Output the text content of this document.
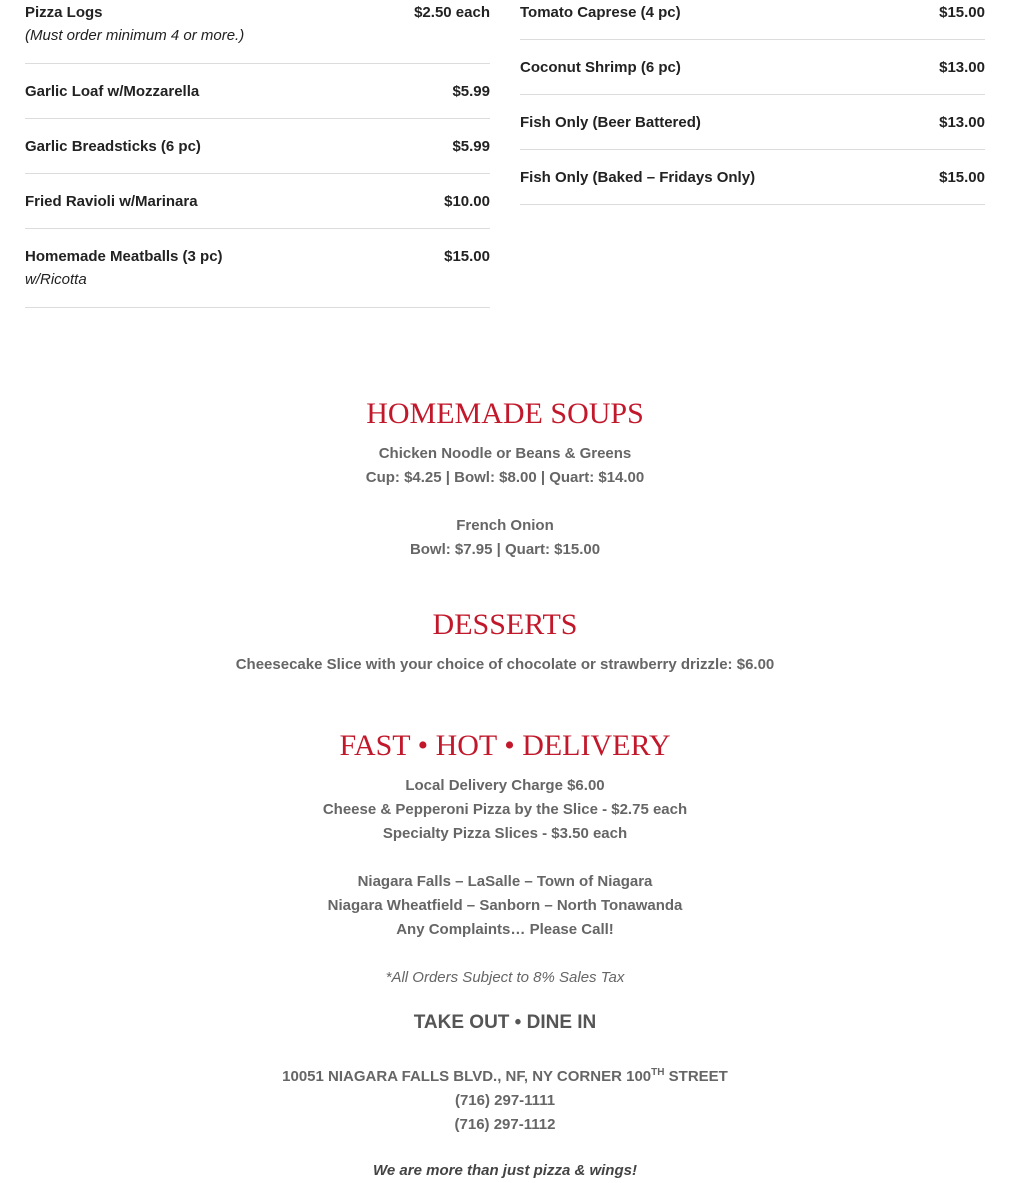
Pizza Logs	$2.50 each
(Must order minimum 4 or more.)
Garlic Loaf w/Mozzarella	$5.99
Garlic Breadsticks (6 pc)	$5.99
Fried Ravioli w/Marinara	$10.00
Homemade Meatballs (3 pc)	$15.00
w/Ricotta
Tomato Caprese (4 pc)	$15.00
Coconut Shrimp (6 pc)	$13.00
Fish Only (Beer Battered)	$13.00
Fish Only (Baked – Fridays Only)	$15.00
HOMEMADE SOUPS
Chicken Noodle or Beans & Greens
Cup: $4.25 | Bowl: $8.00 | Quart: $14.00
French Onion
Bowl: $7.95 | Quart: $15.00
DESSERTS
Cheesecake Slice with your choice of chocolate or strawberry drizzle: $6.00
FAST • HOT • DELIVERY
Local Delivery Charge $6.00
Cheese & Pepperoni Pizza by the Slice - $2.75 each
Specialty Pizza Slices - $3.50 each
Niagara Falls – LaSalle – Town of Niagara
Niagara Wheatfield – Sanborn – North Tonawanda
Any Complaints… Please Call!
*All Orders Subject to 8% Sales Tax
TAKE OUT • DINE IN
10051 NIAGARA FALLS BLVD., NF, NY CORNER 100TH STREET
(716) 297-1111
(716) 297-1112
We are more than just pizza & wings!
